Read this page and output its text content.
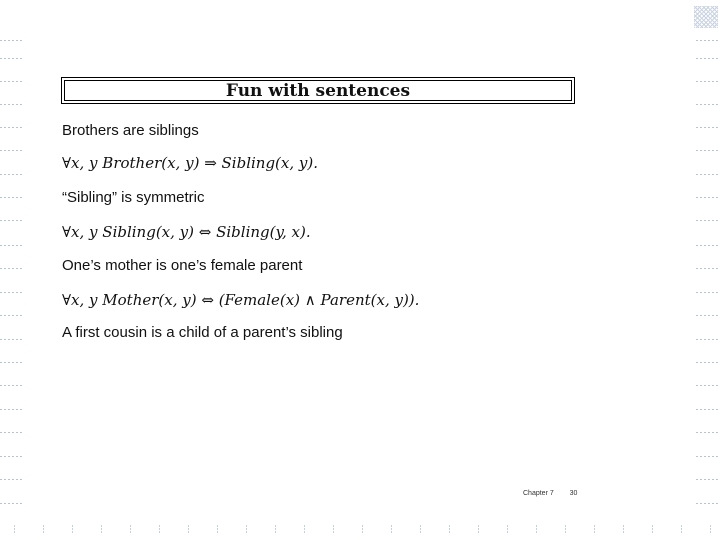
Fun with sentences
Brothers are siblings
∀x, y Brother(x, y) ⇒ Sibling(x, y).
“Sibling” is symmetric
∀x, y Sibling(x, y) ⇔ Sibling(y, x).
One’s mother is one’s female parent
∀x, y Mother(x, y) ⇔ (Female(x) ∧ Parent(x, y)).
A first cousin is a child of a parent’s sibling
Chapter 7 30
